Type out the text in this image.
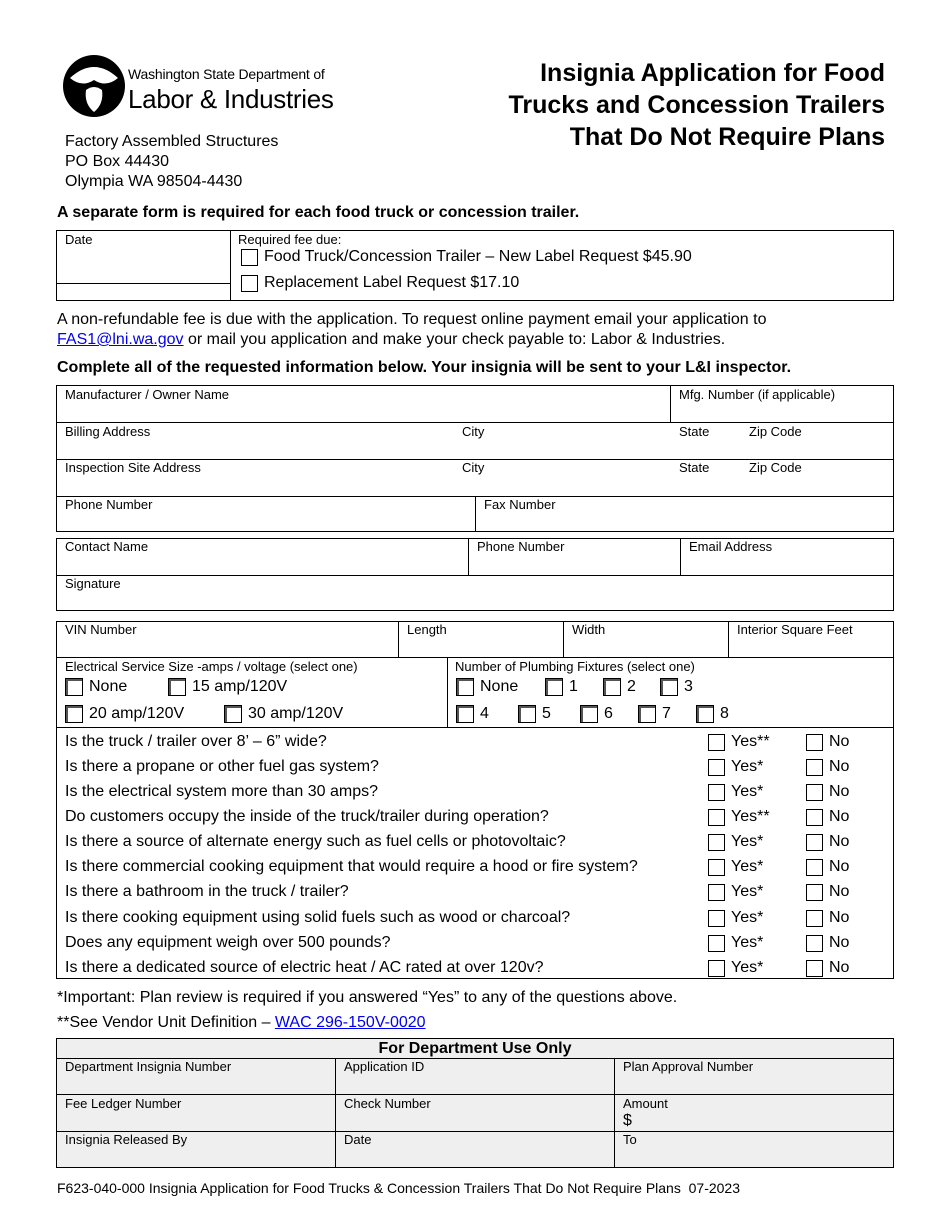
Washington State Department of
Labor & Industries
Factory Assembled Structures
PO Box 44430
Olympia WA 98504-4430
Insignia Application for Food
Trucks and Concession Trailers
That Do Not Require Plans
A separate form is required for each food truck or concession trailer.
Date	Required fee due:
Food Truck/Concession Trailer – New Label Request $45.90
Replacement Label Request $17.10
A non-refundable fee is due with the application. To request online payment email your application to
FAS1@lni.wa.gov or mail you application and make your check payable to: Labor & Industries.
Complete all of the requested information below. Your insignia will be sent to your L&I inspector.
Manufacturer / Owner Name	Mfg. Number (if applicable)
Billing Address	City	State	Zip Code
Inspection Site Address	City	State	Zip Code
Phone Number	Fax Number
Contact Name	Phone Number	Email Address
Signature
VIN Number	Length	Width	Interior Square Feet
Electrical Service Size -amps / voltage (select one)
None	15 amp/120V
20 amp/120V	30 amp/120V
Number of Plumbing Fixtures (select one)
None	1	2	3
4	5	6	7	8
Is the truck / trailer over 8’ – 6” wide?	Yes**	No
Is there a propane or other fuel gas system?	Yes*	No
Is the electrical system more than 30 amps?	Yes*	No
Do customers occupy the inside of the truck/trailer during operation?	Yes**	No
Is there a source of alternate energy such as fuel cells or photovoltaic?	Yes*	No
Is there commercial cooking equipment that would require a hood or fire system?	Yes*	No
Is there a bathroom in the truck / trailer?	Yes*	No
Is there cooking equipment using solid fuels such as wood or charcoal?	Yes*	No
Does any equipment weigh over 500 pounds?	Yes*	No
Is there a dedicated source of electric heat / AC rated at over 120v?	Yes*	No
*Important: Plan review is required if you answered “Yes” to any of the questions above.
**See Vendor Unit Definition – WAC 296-150V-0020
For Department Use Only
Department Insignia Number	Application ID	Plan Approval Number
Fee Ledger Number	Check Number	Amount
$
Insignia Released By	Date	To
F623-040-000 Insignia Application for Food Trucks & Concession Trailers That Do Not Require Plans  07-2023
